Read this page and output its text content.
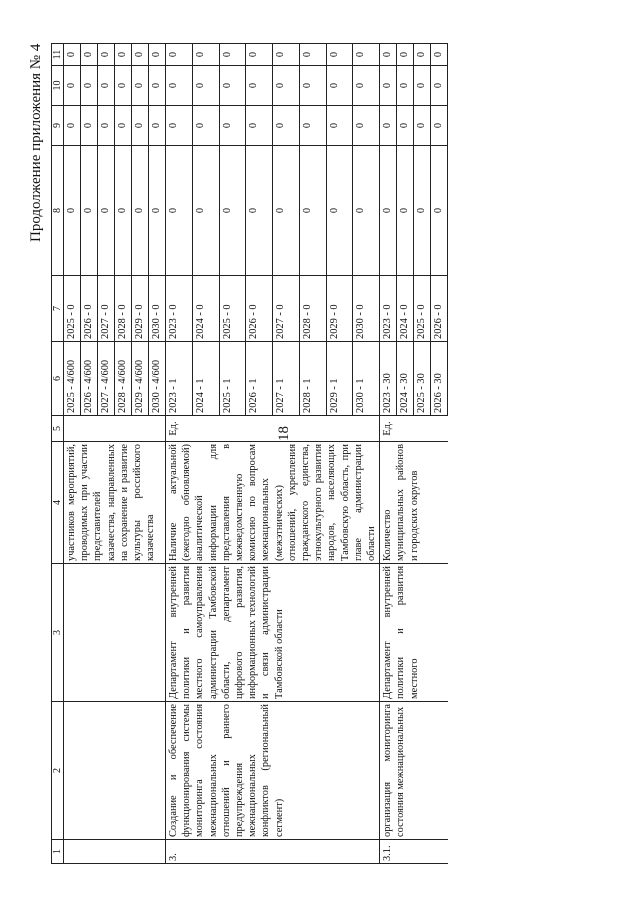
18
Продолжение приложения № 4
1	2	3	4	5	6	7	8	9	10	11
			участников мероприятий, проводимых при участии представителей казачества, направленных на сохранение и развитие культуры российского казачества		2025 - 4/600	2025 - 0	0	0	0	0
					2026 - 4/600	2026 - 0	0	0	0	0
					2027 - 4/600	2027 - 0	0	0	0	0
					2028 - 4/600	2028 - 0	0	0	0	0
					2029 - 4/600	2029 - 0	0	0	0	0
					2030 - 4/600	2030 - 0	0	0	0	0
3.	Создание и обеспечение функционирования системы мониторинга состояния межнациональных отношений и раннего предупреждения межнациональных конфликтов (региональный сегмент)	Департамент внутренней политики и развития местного самоуправления администрации Тамбовской области, департамент цифрового развития, информационных технологий и связи администрации Тамбовской области	Наличие актуальной (ежегодно обновляемой) аналитической информации для представления в межведомственную комиссию по вопросам межнациональных (межэтнических) отношений, укрепления гражданского единства, этнокультурного развития народов, населяющих Тамбовскую область, при главе администрации области	Ед.	2023 - 1	2023 - 0	0	0	0	0
					2024 - 1	2024 - 0	0	0	0	0
					2025 - 1	2025 - 0	0	0	0	0
					2026 - 1	2026 - 0	0	0	0	0
					2027 - 1	2027 - 0	0	0	0	0
					2028 - 1	2028 - 0	0	0	0	0
					2029 - 1	2029 - 0	0	0	0	0
					2030 - 1	2030 - 0	0	0	0	0
3.1.	организация мониторинга состояния межнациональных	Департамент внутренней политики и развития местного	Количество муниципальных районов и городских округов	Ед.	2023 - 30	2023 - 0	0	0	0	0
					2024 - 30	2024 - 0	0	0	0	0
					2025 - 30	2025 - 0	0	0	0	0
					2026 - 30	2026 - 0	0	0	0	0
